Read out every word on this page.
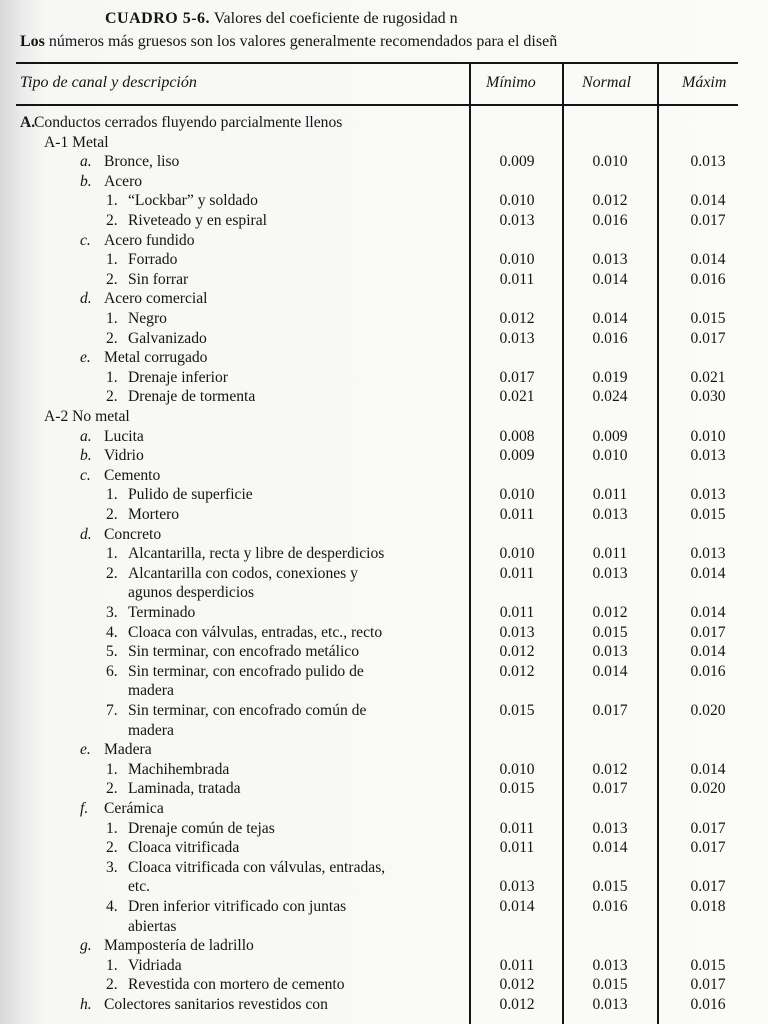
CUADRO 5-6. Valores del coeficiente de rugosidad n
Los números más gruesos son los valores generalmente recomendados para el diseñ
Tipo de canal y descripción	Mínimo	Normal	Máxim
A.Conductos cerrados fluyendo parcialmente llenos
A-1 Metal
a. Bronce, liso	0.009	0.010	0.013
b. Acero
1. “Lockbar” y soldado	0.010	0.012	0.014
2. Riveteado y en espiral	0.013	0.016	0.017
c. Acero fundido
1. Forrado	0.010	0.013	0.014
2. Sin forrar	0.011	0.014	0.016
d. Acero comercial
1. Negro	0.012	0.014	0.015
2. Galvanizado	0.013	0.016	0.017
e. Metal corrugado
1. Drenaje inferior	0.017	0.019	0.021
2. Drenaje de tormenta	0.021	0.024	0.030
A-2 No metal
a. Lucita	0.008	0.009	0.010
b. Vidrio	0.009	0.010	0.013
c. Cemento
1. Pulido de superficie	0.010	0.011	0.013
2. Mortero	0.011	0.013	0.015
d. Concreto
1. Alcantarilla, recta y libre de desperdicios	0.010	0.011	0.013
2. Alcantarilla con codos, conexiones y	0.011	0.013	0.014
agunos desperdicios
3. Terminado	0.011	0.012	0.014
4. Cloaca con válvulas, entradas, etc., recto	0.013	0.015	0.017
5. Sin terminar, con encofrado metálico	0.012	0.013	0.014
6. Sin terminar, con encofrado pulido de	0.012	0.014	0.016
madera
7. Sin terminar, con encofrado común de	0.015	0.017	0.020
madera
e. Madera
1. Machihembrada	0.010	0.012	0.014
2. Laminada, tratada	0.015	0.017	0.020
f. Cerámica
1. Drenaje común de tejas	0.011	0.013	0.017
2. Cloaca vitrificada	0.011	0.014	0.017
3. Cloaca vitrificada con válvulas, entradas,
etc.	0.013	0.015	0.017
4. Dren inferior vitrificado con juntas	0.014	0.016	0.018
abiertas
g. Mampostería de ladrillo
1. Vidriada	0.011	0.013	0.015
2. Revestida con mortero de cemento	0.012	0.015	0.017
h. Colectores sanitarios revestidos con	0.012	0.013	0.016
